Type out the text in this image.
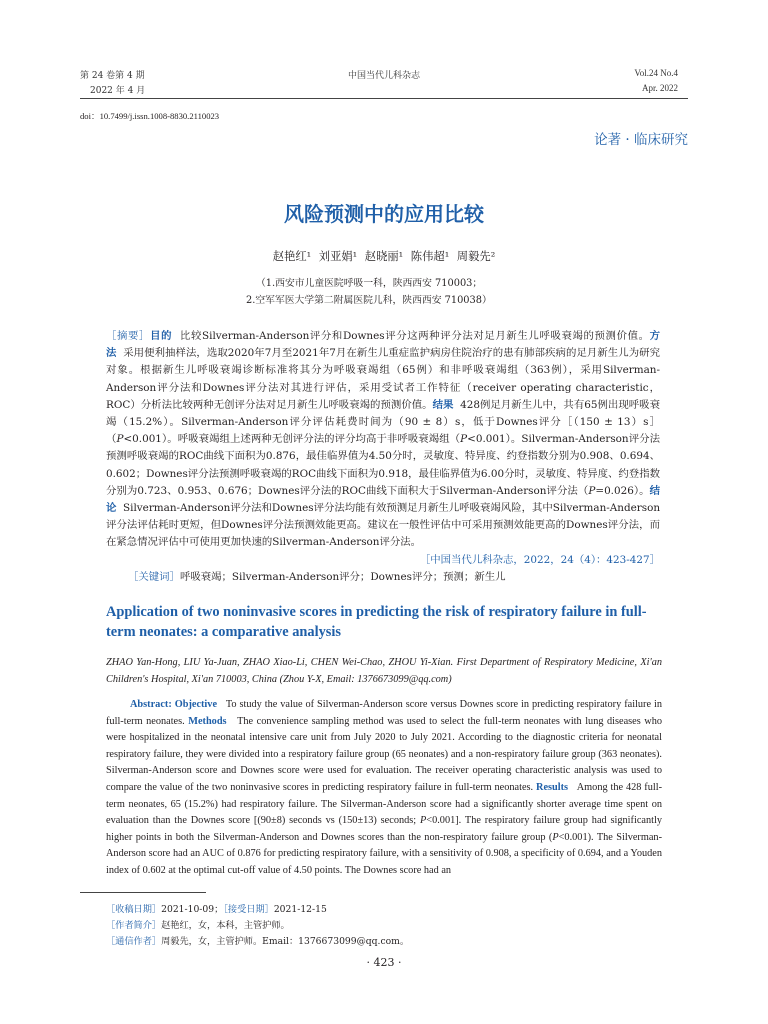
第 24 卷第 4 期
2022 年 4 月
中国当代儿科杂志	Vol.24 No.4
Apr. 2022
doi：10.7499/j.issn.1008-8830.2110023
论著 · 临床研究
风险预测中的应用比较
赵艳红¹ 刘亚娟¹ 赵晓丽¹ 陈伟超¹ 周毅先²
（1.西安市儿童医院呼吸一科，陕西西安 710003；
2.空军军医大学第二附属医院儿科，陕西西安 710038）
［摘要］目的 比较Silverman-Anderson评分和Downes评分这两种评分法对足月新生儿呼吸衰竭的预测价值。方法 采用便利抽样法，选取2020年7月至2021年7月在新生儿重症监护病房住院治疗的患有肺部疾病的足月新生儿为研究对象。根据新生儿呼吸衰竭诊断标准将其分为呼吸衰竭组（65例）和非呼吸衰竭组（363例），采用Silverman-Anderson评分法和Downes评分法对其进行评估，采用受试者工作特征（receiver operating characteristic，ROC）分析法比较两种无创评分法对足月新生儿呼吸衰竭的预测价值。结果 428例足月新生儿中，共有65例出现呼吸衰竭（15.2%）。Silverman-Anderson评分评估耗费时间为（90 ± 8）s，低于Downes评分［（150 ± 13）s］（P<0.001）。呼吸衰竭组上述两种无创评分法的评分均高于非呼吸衰竭组（P<0.001）。Silverman-Anderson评分法预测呼吸衰竭的ROC曲线下面积为0.876，最佳临界值为4.50分时，灵敏度、特异度、约登指数分别为0.908、0.694、0.602；Downes评分法预测呼吸衰竭的ROC曲线下面积为0.918，最佳临界值为6.00分时，灵敏度、特异度、约登指数分别为0.723、0.953、0.676；Downes评分法的ROC曲线下面积大于Silverman-Anderson评分法（P=0.026）。结论 Silverman-Anderson评分法和Downes评分法均能有效预测足月新生儿呼吸衰竭风险，其中Silverman-Anderson评分法评估耗时更短，但Downes评分法预测效能更高。建议在一般性评估中可采用预测效能更高的Downes评分法，而在紧急情况评估中可使用更加快速的Silverman-Anderson评分法。
［中国当代儿科杂志，2022，24（4）：423-427］
［关键词］呼吸衰竭；Silverman-Anderson评分；Downes评分；预测；新生儿
Application of two noninvasive scores in predicting the risk of respiratory failure in full-term neonates: a comparative analysis
ZHAO Yan-Hong, LIU Ya-Juan, ZHAO Xiao-Li, CHEN Wei-Chao, ZHOU Yi-Xian. First Department of Respiratory Medicine, Xi'an Children's Hospital, Xi'an 710003, China (Zhou Y-X, Email: 1376673099@qq.com)
Abstract: Objective To study the value of Silverman-Anderson score versus Downes score in predicting respiratory failure in full-term neonates. Methods The convenience sampling method was used to select the full-term neonates with lung diseases who were hospitalized in the neonatal intensive care unit from July 2020 to July 2021. According to the diagnostic criteria for neonatal respiratory failure, they were divided into a respiratory failure group (65 neonates) and a non-respiratory failure group (363 neonates). Silverman-Anderson score and Downes score were used for evaluation. The receiver operating characteristic analysis was used to compare the value of the two noninvasive scores in predicting respiratory failure in full-term neonates. Results Among the 428 full-term neonates, 65 (15.2%) had respiratory failure. The Silverman-Anderson score had a significantly shorter average time spent on evaluation than the Downes score [(90±8) seconds vs (150±13) seconds; P<0.001]. The respiratory failure group had significantly higher points in both the Silverman-Anderson and Downes scores than the non-respiratory failure group (P<0.001). The Silverman-Anderson score had an AUC of 0.876 for predicting respiratory failure, with a sensitivity of 0.908, a specificity of 0.694, and a Youden index of 0.602 at the optimal cut-off value of 4.50 points. The Downes score had an
［收稿日期］2021-10-09；［接受日期］2021-12-15
［作者简介］赵艳红，女，本科，主管护师。
［通信作者］周毅先，女，主管护师。Email：1376673099@qq.com。
· 423 ·
